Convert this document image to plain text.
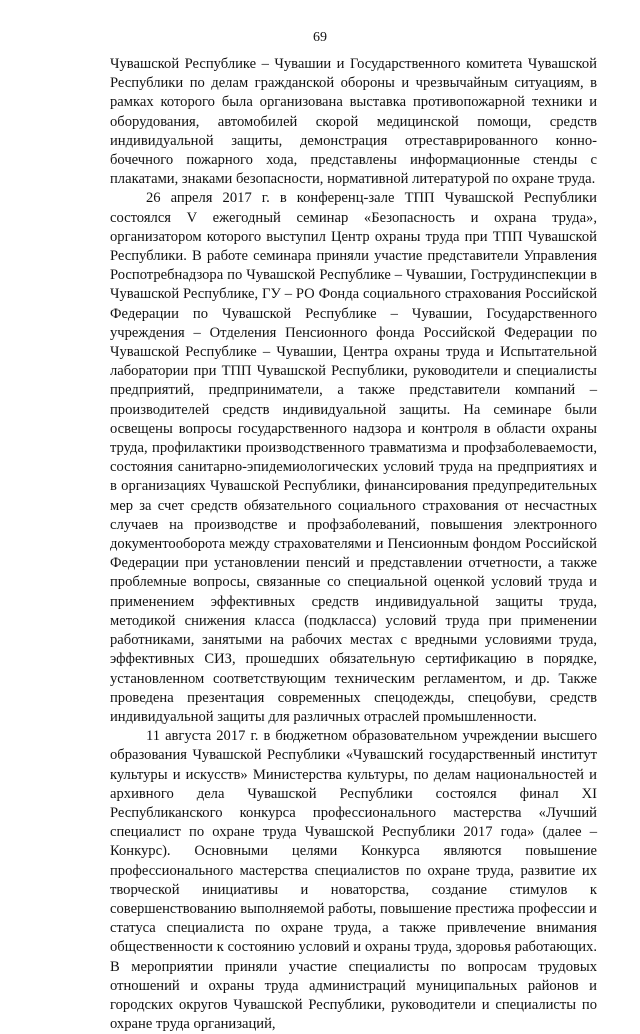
69

Чувашской Республике – Чувашии и Государственного комитета Чувашской Республики по делам гражданской обороны и чрезвычайным ситуациям, в рамках которого была организована выставка противопожарной техники и оборудования, автомобилей скорой медицинской помощи, средств индивидуальной защиты, демонстрация отреставрированного конно-бочечного пожарного хода, представлены информационные стенды с плакатами, знаками безопасности, нормативной литературой по охране труда.

26 апреля 2017 г. в конференц-зале ТПП Чувашской Республики состоялся V ежегодный семинар «Безопасность и охрана труда», организатором которого выступил Центр охраны труда при ТПП Чувашской Республики. В работе семинара приняли участие представители Управления Роспотребнадзора по Чувашской Республике – Чувашии, Гострудинспекции в Чувашской Республике, ГУ – РО Фонда социального страхования Российской Федерации по Чувашской Республике – Чувашии, Государственного учреждения – Отделения Пенсионного фонда Российской Федерации по Чувашской Республике – Чувашии, Центра охраны труда и Испытательной лаборатории при ТПП Чувашской Республики, руководители и специалисты предприятий, предприниматели, а также представители компаний – производителей средств индивидуальной защиты. На семинаре были освещены вопросы государственного надзора и контроля в области охраны труда, профилактики производственного травматизма и профзаболеваемости, состояния санитарно-эпидемиологических условий труда на предприятиях и в организациях Чувашской Республики, финансирования предупредительных мер за счет средств обязательного социального страхования от несчастных случаев на производстве и профзаболеваний, повышения электронного документооборота между страхователями и Пенсионным фондом Российской Федерации при установлении пенсий и представлении отчетности, а также проблемные вопросы, связанные со специальной оценкой условий труда и применением эффективных средств индивидуальной защиты труда, методикой снижения класса (подкласса) условий труда при применении работниками, занятыми на рабочих местах с вредными условиями труда, эффективных СИЗ, прошедших обязательную сертификацию в порядке, установленном соответствующим техническим регламентом, и др. Также проведена презентация современных спецодежды, спецобуви, средств индивидуальной защиты для различных отраслей промышленности.

11 августа 2017 г. в бюджетном образовательном учреждении высшего образования Чувашской Республики «Чувашский государственный институт культуры и искусств» Министерства культуры, по делам национальностей и архивного дела Чувашской Республики состоялся финал XI Республиканского конкурса профессионального мастерства «Лучший специалист по охране труда Чувашской Республики 2017 года» (далее – Конкурс). Основными целями Конкурса являются повышение профессионального мастерства специалистов по охране труда, развитие их творческой инициативы и новаторства, создание стимулов к совершенствованию выполняемой работы, повышение престижа профессии и статуса специалиста по охране труда, а также привлечение внимания общественности к состоянию условий и охраны труда, здоровья работающих. В мероприятии приняли участие специалисты по вопросам трудовых отношений и охраны труда администраций муниципальных районов и городских округов Чувашской Республики, руководители и специалисты по охране труда организаций,
